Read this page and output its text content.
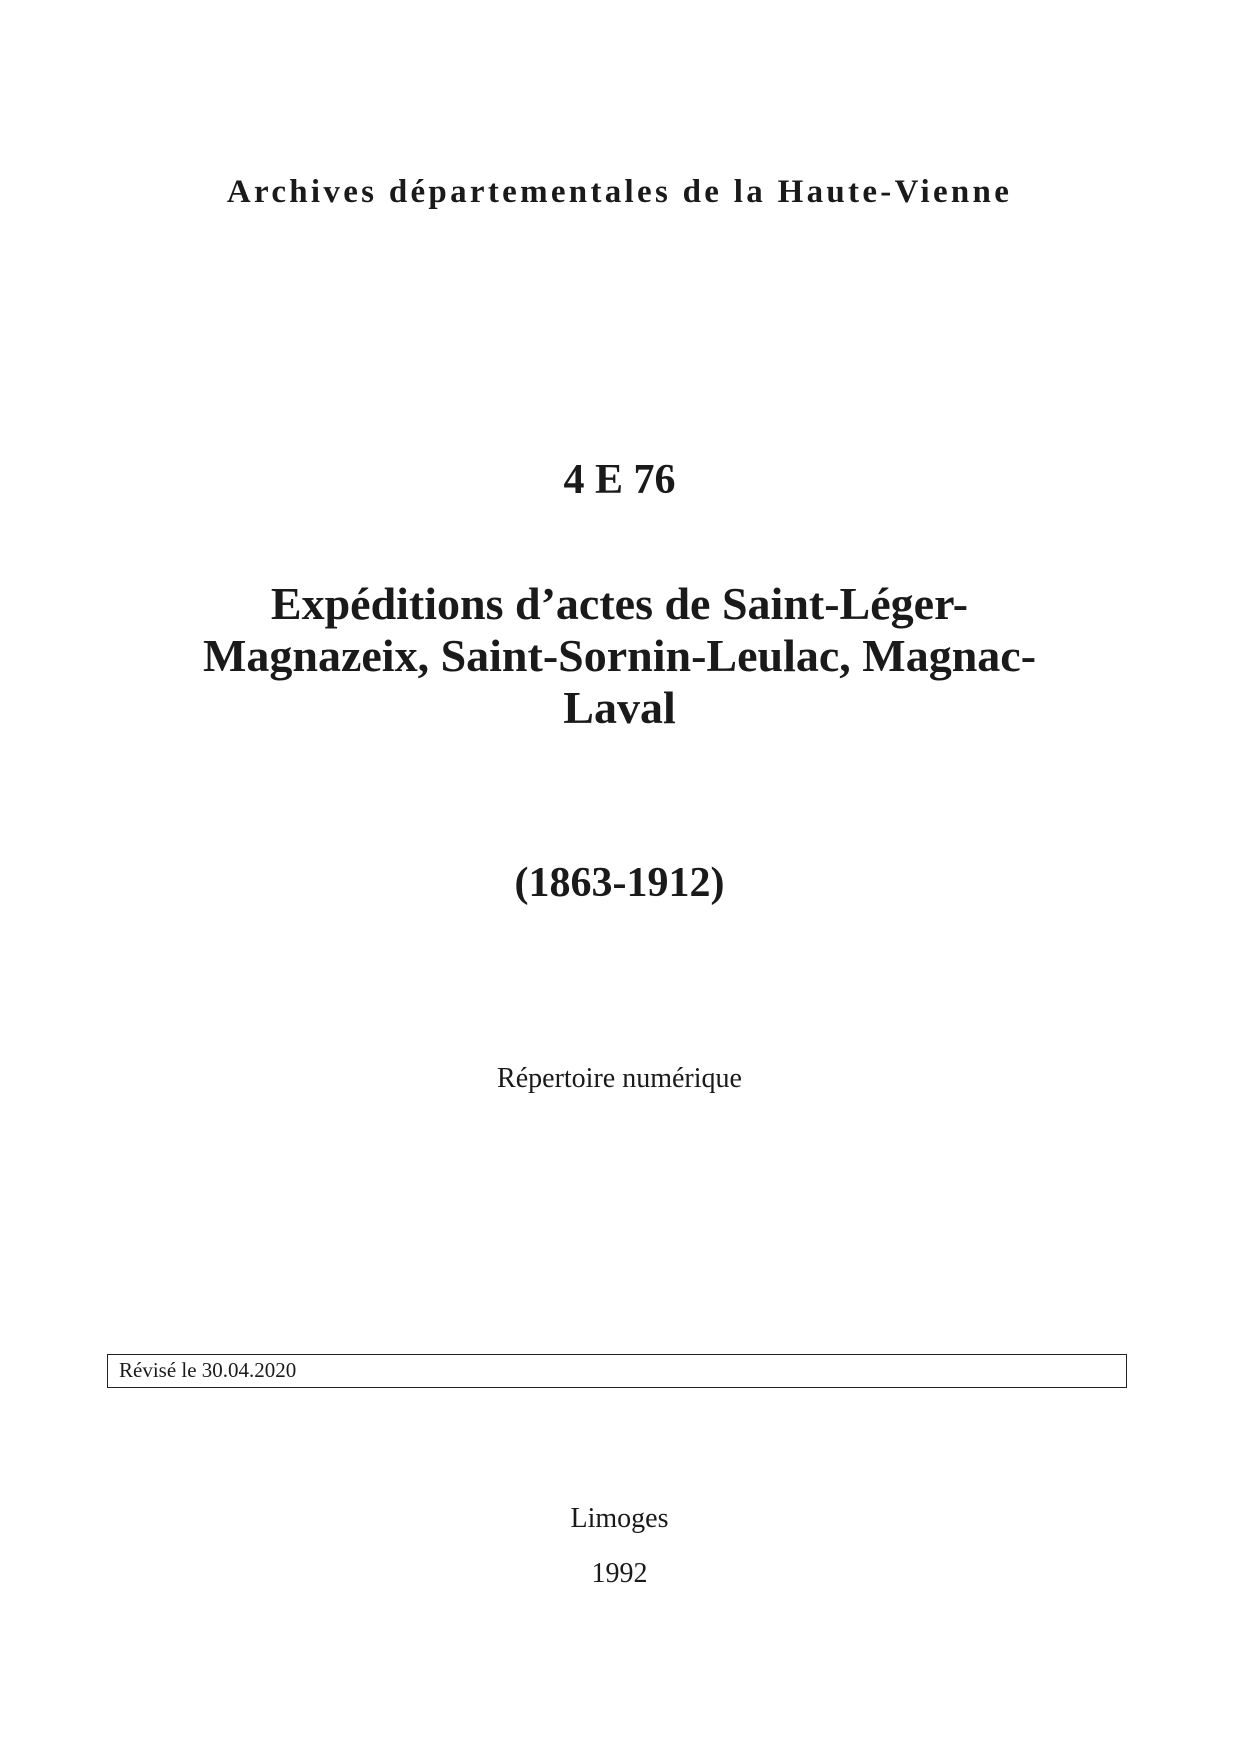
Archives départementales de la Haute-Vienne
4 E 76
Expéditions d’actes de Saint-Léger-
Magnazeix, Saint-Sornin-Leulac, Magnac-
Laval
(1863-1912)
Répertoire numérique
Révisé le 30.04.2020
Limoges
1992
